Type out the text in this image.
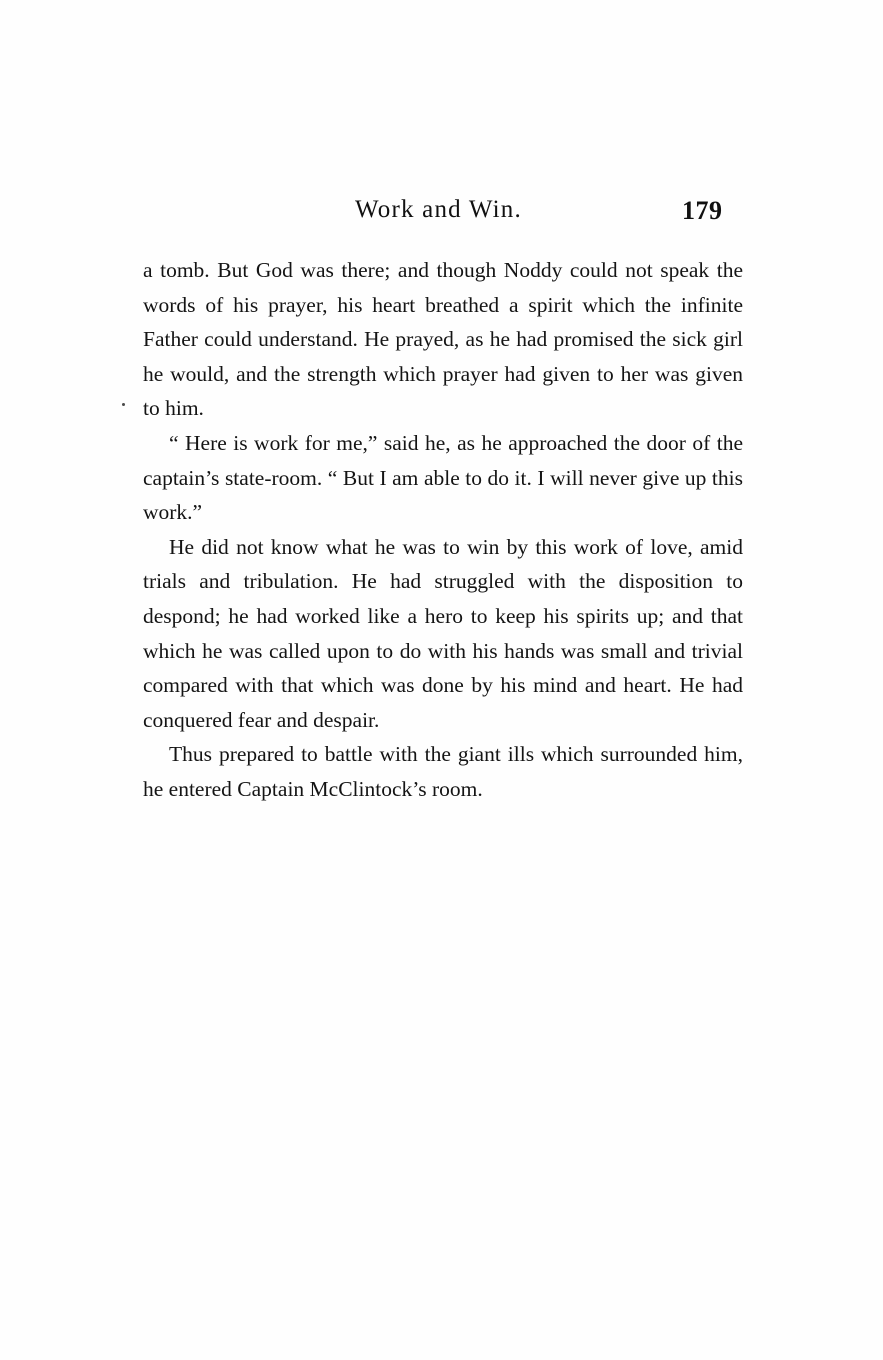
Work and Win.	179

a tomb. But God was there; and though Noddy could not speak the words of his prayer, his heart breathed a spirit which the infinite Father could understand. He prayed, as he had promised the sick girl he would, and the strength which prayer had given to her was given to him.

“ Here is work for me,” said he, as he approached the door of the captain’s state-room. “ But I am able to do it. I will never give up this work.”

He did not know what he was to win by this work of love, amid trials and tribulation. He had struggled with the disposition to despond; he had worked like a hero to keep his spirits up; and that which he was called upon to do with his hands was small and trivial compared with that which was done by his mind and heart. He had conquered fear and despair.

Thus prepared to battle with the giant ills which surrounded him, he entered Captain McClintock’s room.
